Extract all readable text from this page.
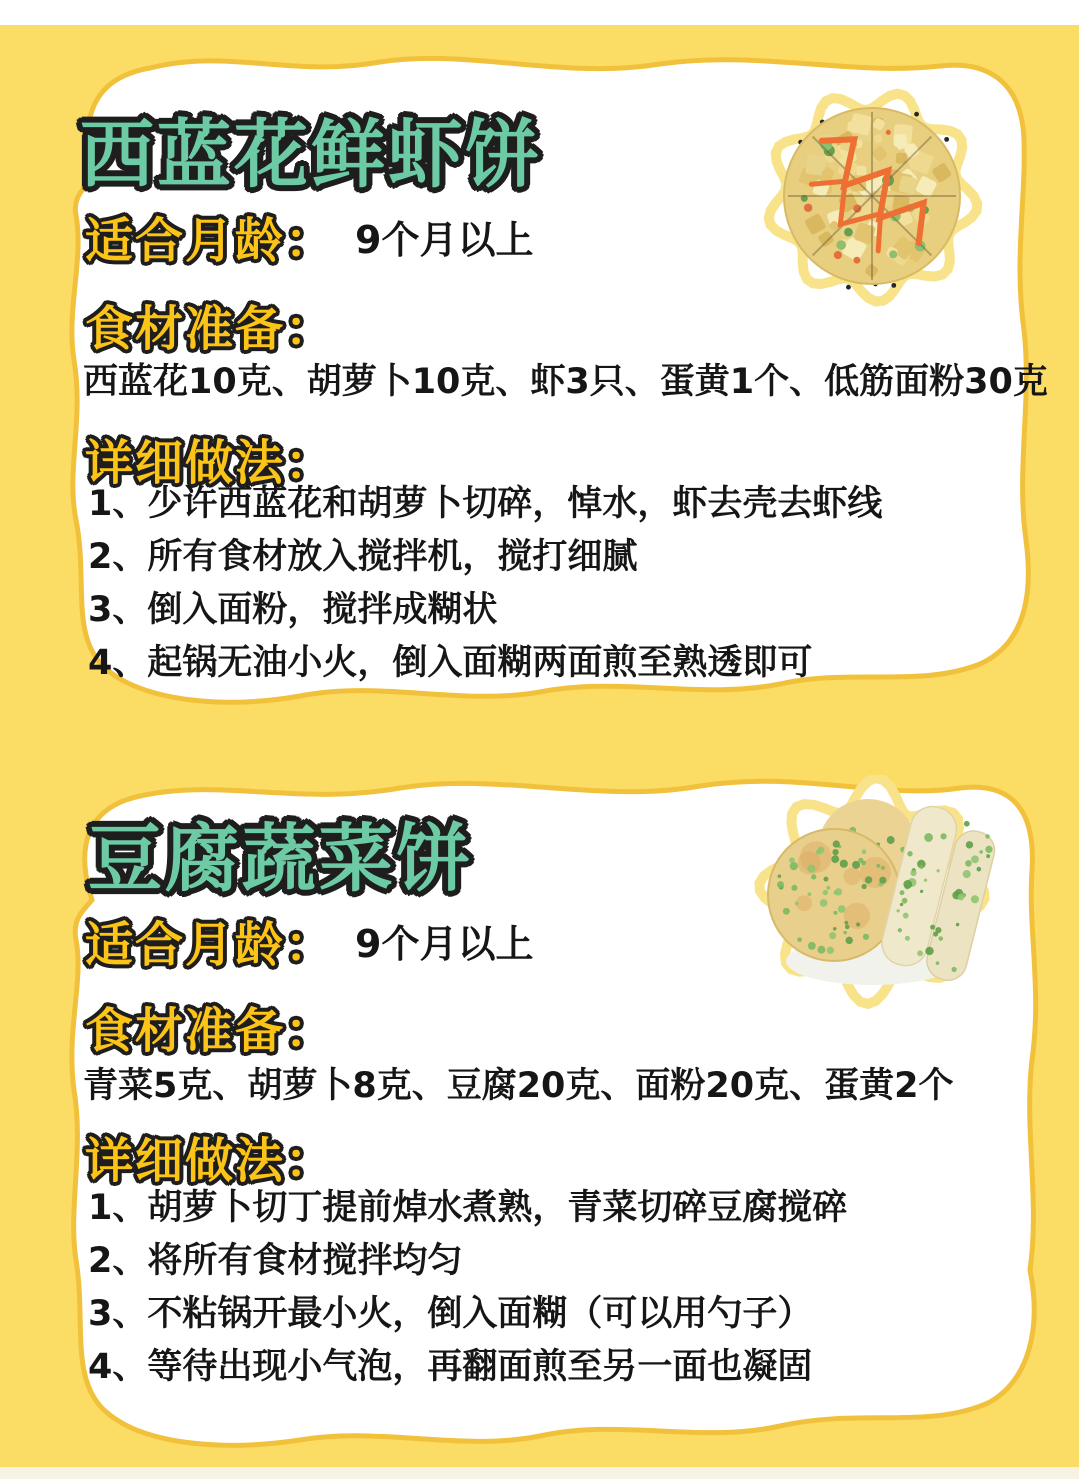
西蓝花鲜虾饼
适合月龄： 9个月以上
食材准备：
西蓝花10克、胡萝卜10克、虾3只、蛋黄1个、低筋面粉30克
详细做法：
1、少许西蓝花和胡萝卜切碎，悼水，虾去壳去虾线
2、所有食材放入搅拌机，搅打细腻
3、倒入面粉，搅拌成糊状
4、起锅无油小火，倒入面糊两面煎至熟透即可
豆腐蔬菜饼
适合月龄： 9个月以上
食材准备：
青菜5克、胡萝卜8克、豆腐20克、面粉20克、蛋黄2个
详细做法：
1、胡萝卜切丁提前焯水煮熟，青菜切碎豆腐搅碎
2、将所有食材搅拌均匀
3、不粘锅开最小火，倒入面糊（可以用勺子）
4、等待出现小气泡，再翻面煎至另一面也凝固
